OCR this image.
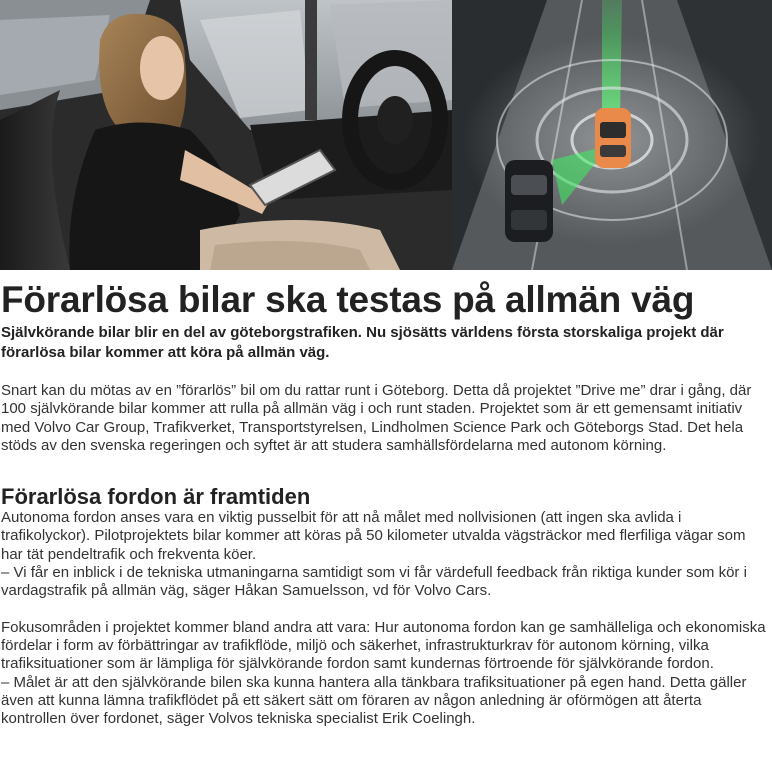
Förarlösa bilar ska testas på allmän väg

Självkörande bilar blir en del av göteborgstrafiken. Nu sjösätts världens första storskaliga projekt där förarlösa bilar kommer att köra på allmän väg.

Snart kan du mötas av en ”förarlös” bil om du rattar runt i Göteborg. Detta då projektet ”Drive me” drar i gång, där 100 självkörande bilar kommer att rulla på allmän väg i och runt staden. Projektet som är ett gemensamt initiativ med Volvo Car Group, Trafikverket, Transportstyrelsen, Lindholmen Science Park och Göteborgs Stad. Det hela stöds av den svenska regeringen och syftet är att studera samhällsfördelarna med autonom körning.

Förarlösa fordon är framtiden

Autonoma fordon anses vara en viktig pusselbit för att nå målet med nollvisionen (att ingen ska avlida i trafikolyckor). Pilotprojektets bilar kommer att köras på 50 kilometer utvalda vägsträckor med flerfiliga vägar som har tät pendeltrafik och frekventa köer.

– Vi får en inblick i de tekniska utmaningarna samtidigt som vi får värdefull feedback från riktiga kunder som kör i vardagstrafik på allmän väg, säger Håkan Samuelsson, vd för Volvo Cars.

Fokusområden i projektet kommer bland andra att vara: Hur autonoma fordon kan ge samhälleliga och ekonomiska fördelar i form av förbättringar av trafikflöde, miljö och säkerhet, infrastrukturkrav för autonom körning, vilka trafiksituationer som är lämpliga för självkörande fordon samt kundernas förtroende för självkörande fordon.

– Målet är att den självkörande bilen ska kunna hantera alla tänkbara trafiksituationer på egen hand. Detta gäller även att kunna lämna trafikflödet på ett säkert sätt om föraren av någon anledning är oförmögen att återta kontrollen över fordonet, säger Volvos tekniska specialist Erik Coelingh.
